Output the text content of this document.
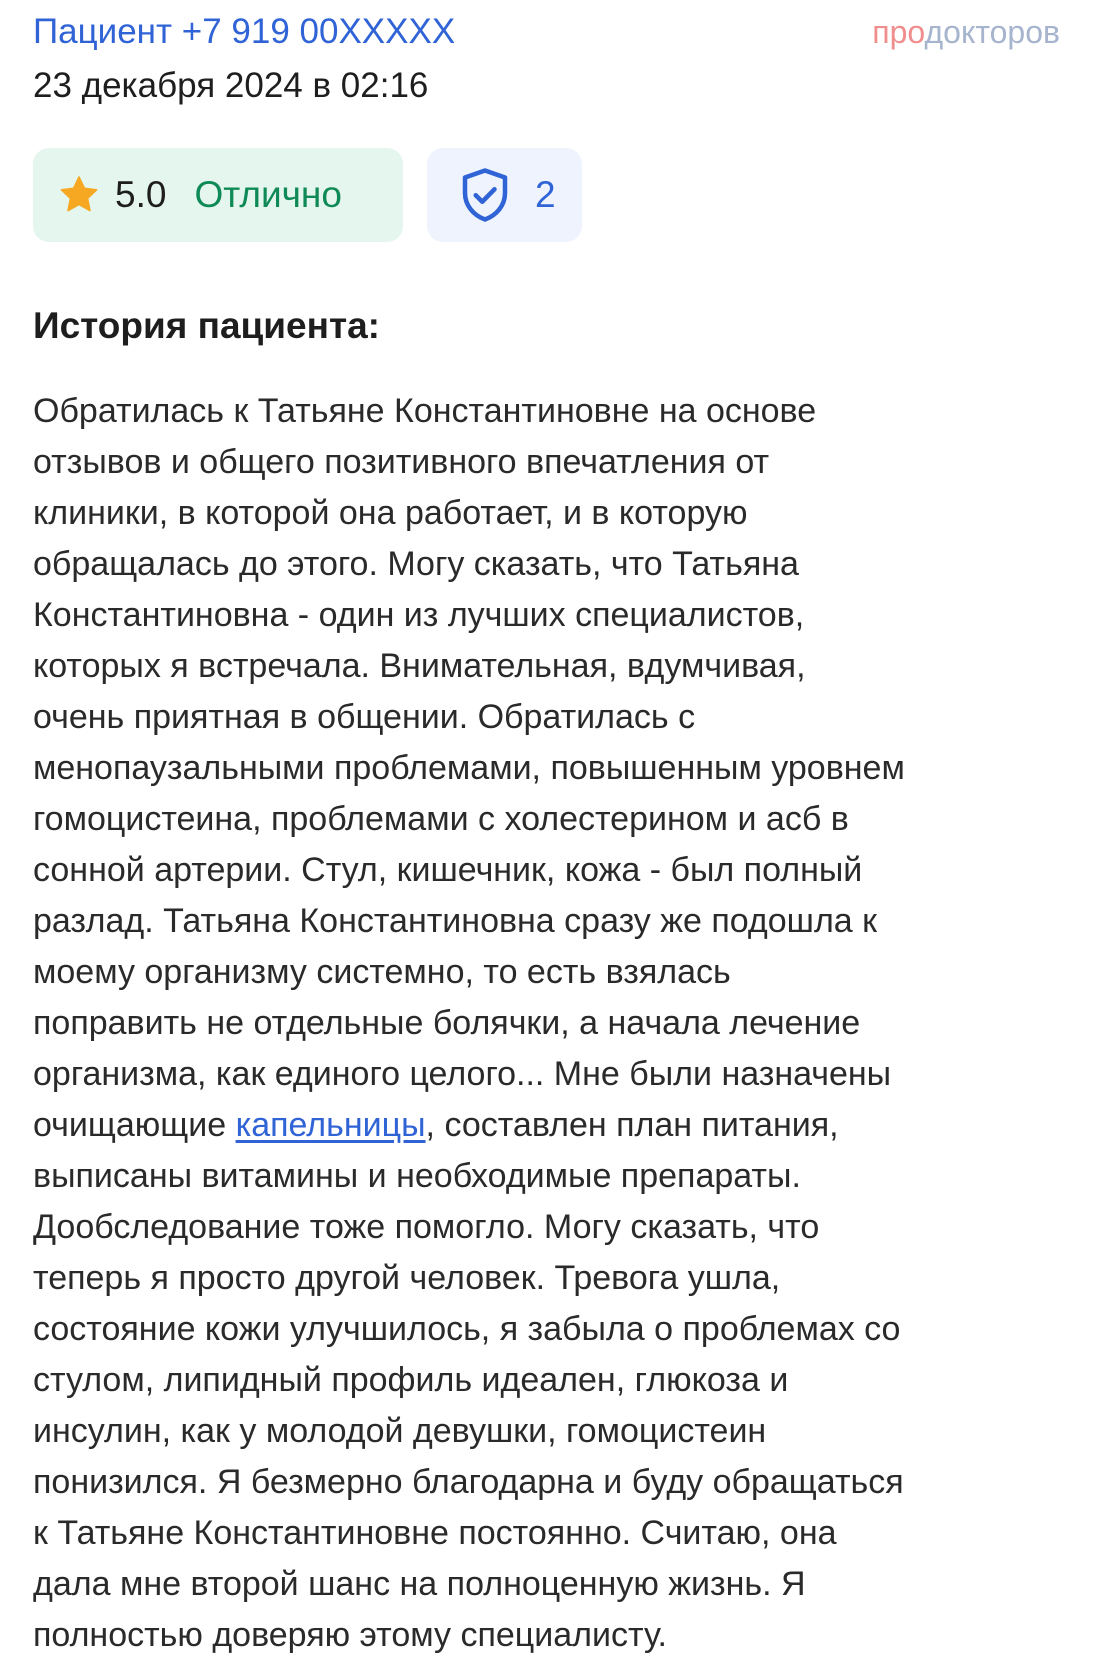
Пациент +7 919 00XXXXX
23 декабря 2024 в 02:16
продокторов
5.0 Отлично	2
История пациента:
Обратилась к Татьяне Константиновне на основе
отзывов и общего позитивного впечатления от
клиники, в которой она работает, и в которую
обращалась до этого. Могу сказать, что Татьяна
Константиновна - один из лучших специалистов,
которых я встречала. Внимательная, вдумчивая,
очень приятная в общении. Обратилась с
менопаузальными проблемами, повышенным уровнем
гомоцистеина, проблемами с холестерином и асб в
сонной артерии. Стул, кишечник, кожа - был полный
разлад. Татьяна Константиновна сразу же подошла к
моему организму системно, то есть взялась
поправить не отдельные болячки, а начала лечение
организма, как единого целого... Мне были назначены
очищающие капельницы, составлен план питания,
выписаны витамины и необходимые препараты.
Дообследование тоже помогло. Могу сказать, что
теперь я просто другой человек. Тревога ушла,
состояние кожи улучшилось, я забыла о проблемах со
стулом, липидный профиль идеален, глюкоза и
инсулин, как у молодой девушки, гомоцистеин
понизился. Я безмерно благодарна и буду обращаться
к Татьяне Константиновне постоянно. Считаю, она
дала мне второй шанс на полноценную жизнь. Я
полностью доверяю этому специалисту.
